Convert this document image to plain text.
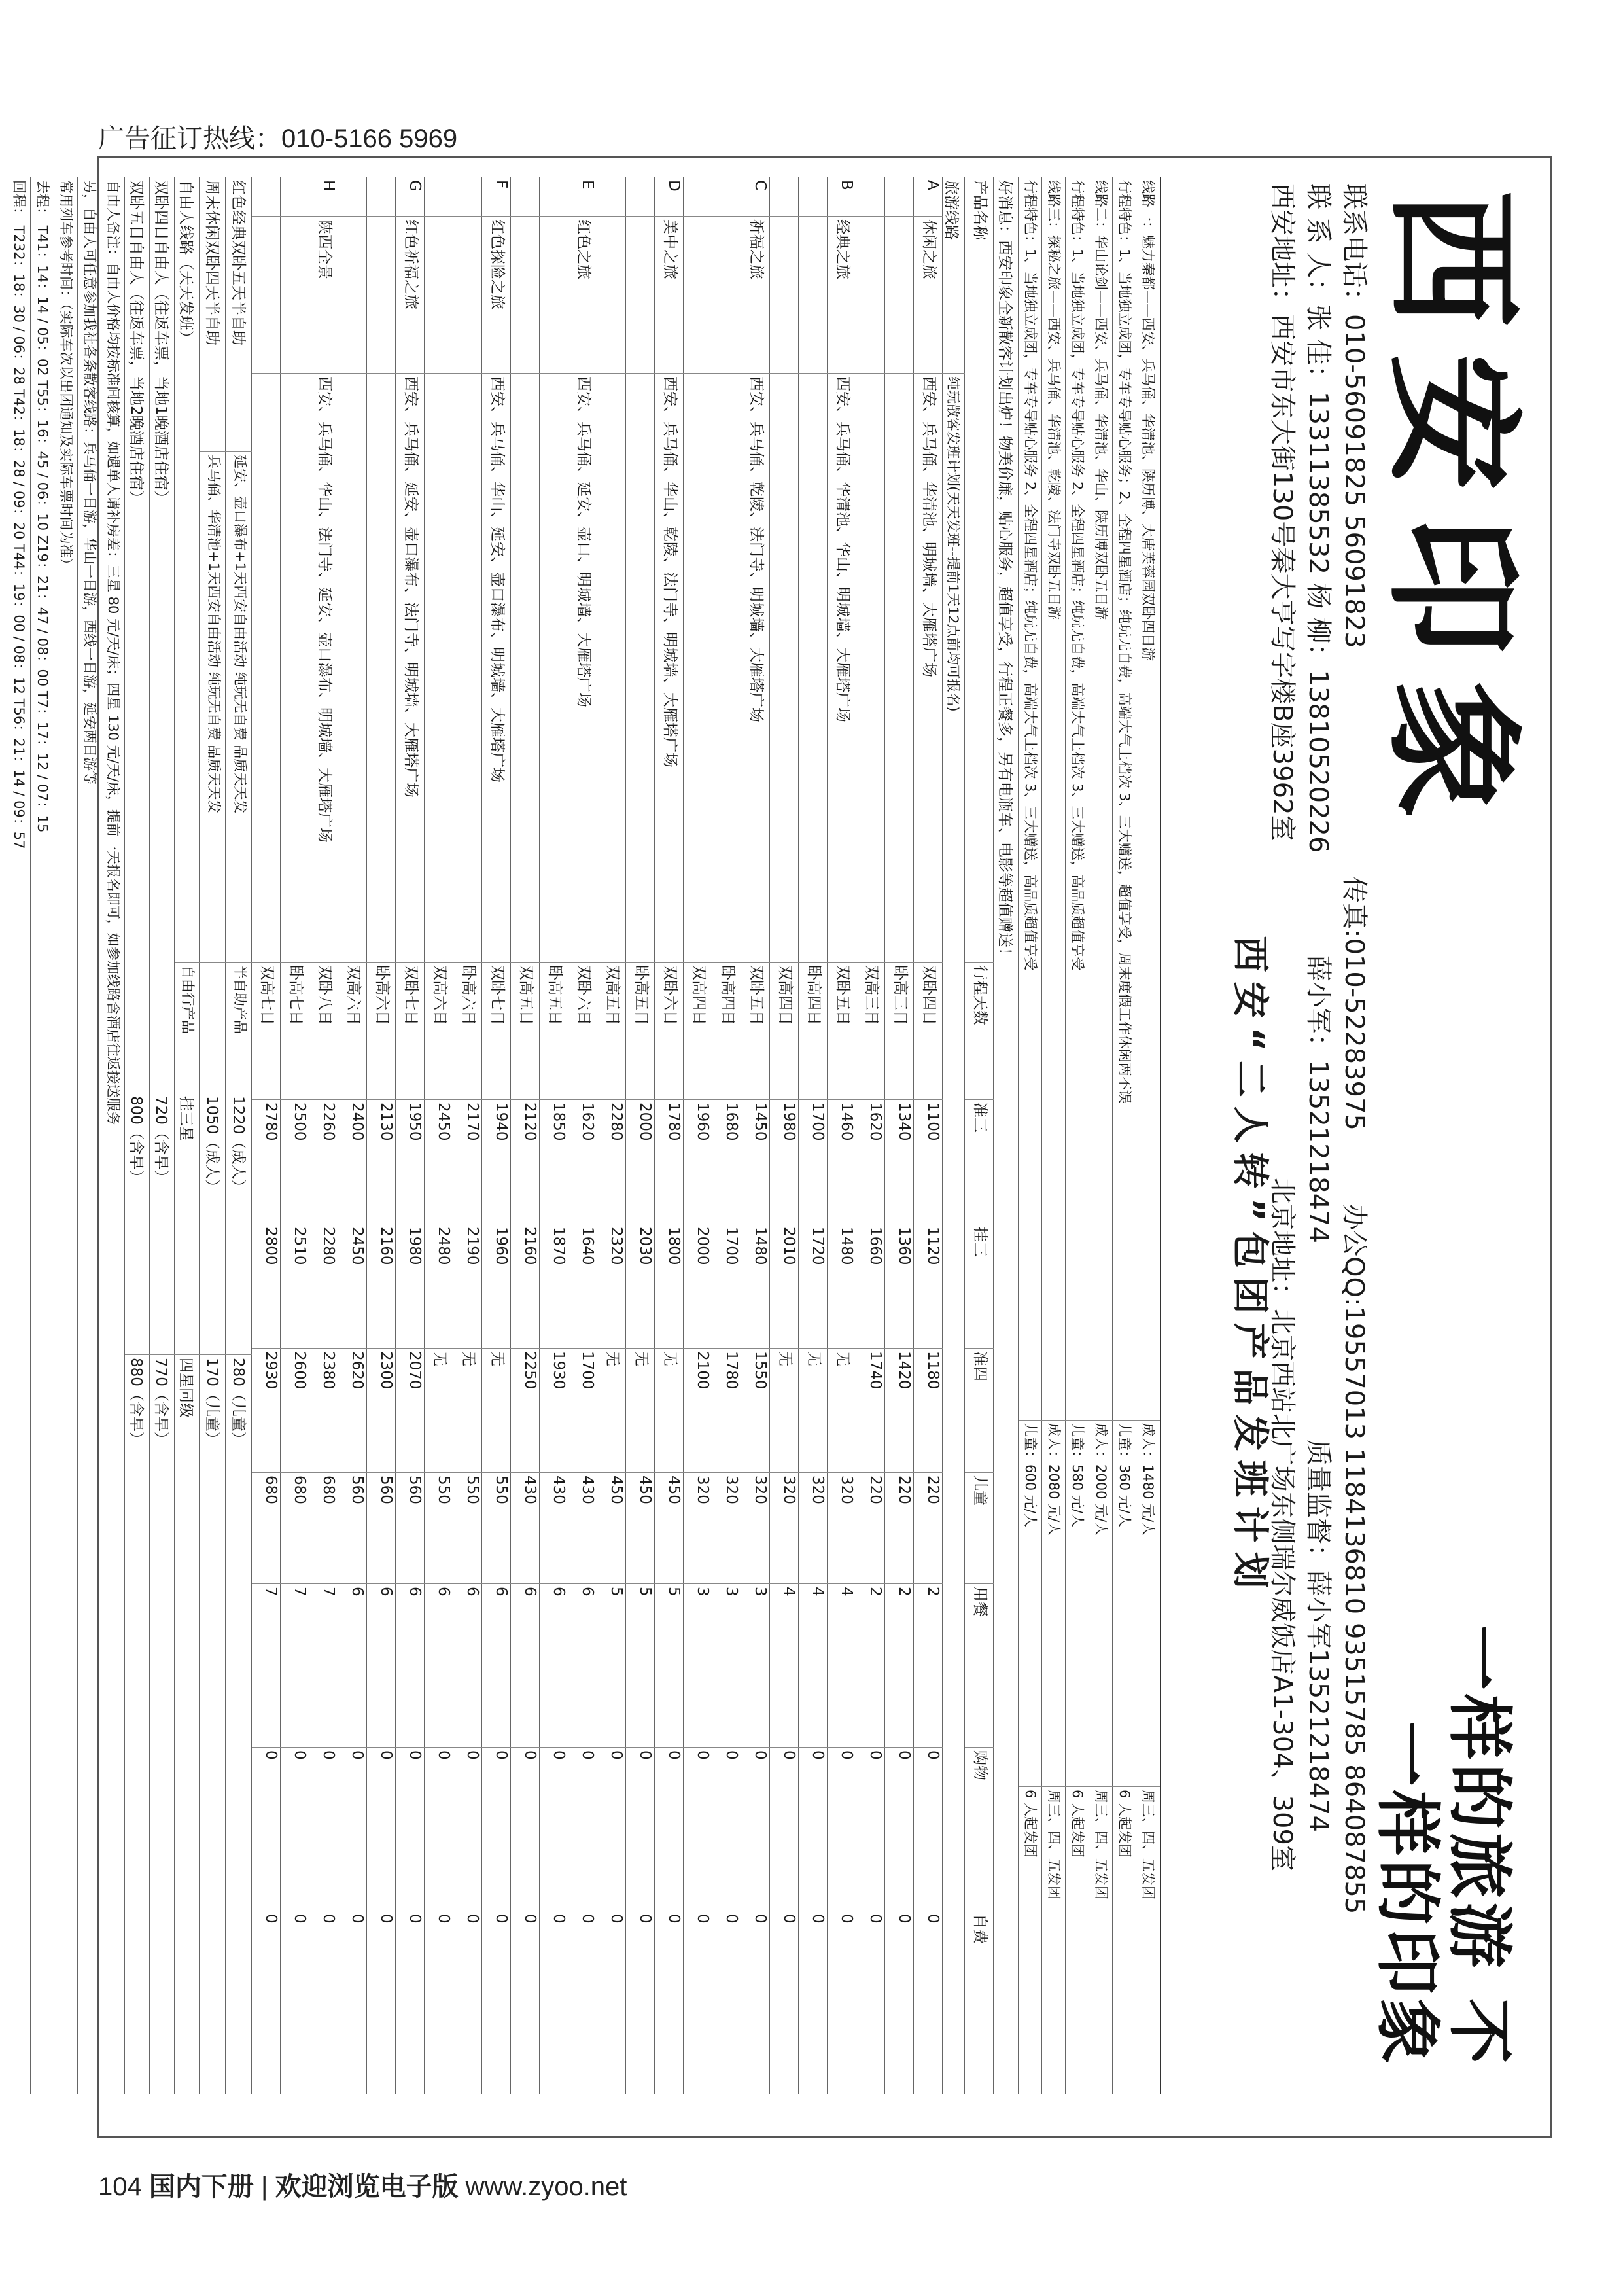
广告征订热线：010-5166 5969
西安印象
一样的旅游 不一样的印象
联系电话：010-56091825 56091823
传真:010-52283975
办公QQ:19557013 1184136810 93515785 864087855
联 系 人：张 佳：13311385532 杨 柳：13810520226
薛小军：13521218474
质量监督：薛小军13521218474
西安地址：西安市东大街130号秦大亨写字楼B座3962室
北京地址：北京西站北广场东侧瑞尔威饭店A1-304、309室
西安“二人转”包团产品发班计划
线路一：魅力秦都——西安、兵马俑、华清池、陕历博、大唐芙蓉园双卧四日游
成人：1480 元/人
周三、四、五发团
行程特色：1、当地独立成团，专车专导贴心服务；2、全程四星酒店；纯玩无自费，高端大气上档次 3、三大赠送，超值享受，周末度假工作休闲两不误
儿童：360 元/人
6 人起发团
线路二：华山论剑——西安、兵马俑、华清池、华山、陕历博双卧五日游
成人：2000 元/人
周三、四、五发团
行程特色：1、当地独立成团，专车专导贴心服务 2、全程四星酒店；纯玩无自费，高端大气上档次 3、三大赠送，高品质超值享受
儿童：580 元/人
6 人起发团
线路三：探秘之旅——西安、兵马俑、华清池、乾陵、法门寺双卧五日游
成人：2080 元/人
周三、四、五发团
行程特色：1、当地独立成团，专车专导贴心服务 2、全程四星酒店；纯玩无自费，高端大气上档次 3、三大赠送，高品质超值享受
儿童：600 元/人
6 人起发团
好消息：西安印象全新散客计划出炉！物美价廉，贴心服务，超值享受，行程正餐多，另有电瓶车、电影等超值赠送！
产品名称
行程天数
准三
挂三
准四
儿童
用餐
购物
自费
旅游线路
纯玩散客发班计划(天天发班--提前1天12点前均可报名)
A
休闲之旅
西安、兵马俑、华清池、明城墙、大雁塔广场
双卧四日
1100
1120
1180
220
2
0
0
卧高三日
1340
1360
1420
220
2
0
0
双高三日
1620
1660
1740
220
2
0
0
B
经典之旅
西安、兵马俑、华清池、华山、明城墙、大雁塔广场
双卧五日
1460
1480
无
320
4
0
0
卧高四日
1700
1720
无
320
4
0
0
双高四日
1980
2010
无
320
4
0
0
C
祈福之旅
西安、兵马俑、乾陵、法门寺、明城墙、大雁塔广场
双卧五日
1450
1480
1550
320
3
0
0
卧高四日
1680
1700
1780
320
3
0
0
双高四日
1960
2000
2100
320
3
0
0
D
美中之旅
西安、兵马俑、华山、乾陵、法门寺、明城墙、大雁塔广场
双卧六日
1780
1800
无
450
5
0
0
卧高五日
2000
2030
无
450
5
0
0
双高五日
2280
2320
无
450
5
0
0
E
红色之旅
西安、兵马俑、延安、壶口、明城墙、大雁塔广场
双卧六日
1620
1640
1700
430
6
0
0
卧高五日
1850
1870
1930
430
6
0
0
双高五日
2120
2160
2250
430
6
0
0
F
红色探险之旅
西安、兵马俑、华山、延安、壶口瀑布、明城墙、大雁塔广场
双卧七日
1940
1960
无
550
6
0
0
卧高六日
2170
2190
无
550
6
0
0
双高六日
2450
2480
无
550
6
0
0
G
红色祈福之旅
西安、兵马俑、延安、壶口瀑布、法门寺、明城墙、大雁塔广场
双卧七日
1950
1980
2070
560
6
0
0
卧高六日
2130
2160
2300
560
6
0
0
双高六日
2400
2450
2620
560
6
0
0
H
陕西全景
西安、兵马俑、华山、法门寺、延安、壶口瀑布、明城墙、大雁塔广场
双卧八日
2260
2280
2380
680
7
0
0
卧高七日
2500
2510
2600
680
7
0
0
双高七日
2780
2800
2930
680
7
0
0
红色经典双卧五天半自助
延安、壶口瀑布+1天西安自由活动 纯玩无自费 品质天天发
半自助产品
1220（成人）
280（儿童）
周末休闲双卧四天半自助
兵马俑、华清池+1天西安自由活动 纯玩无自费 品质天天发
1050（成人）
170（儿童）
自由人线路（天天发班）
自由行产品
挂三星
四星同级
双卧四日自由人（往返车票，当地1晚酒店住宿）
720（含早）
770（含早）
双卧五日自由人（往返车票，当地2晚酒店住宿）
800（含早）
880（含早）
自由人备注：自由人价格均按标准间核算，如遇单人请补房差：三星 80 元/天/床；四星 130 元/天/床，提前一天报名即可，如参加线路含酒店往返接送服务
另，自由人可任意参加我社各条散客线路：兵马俑一日游，华山一日游，西线一日游，延安两日游等
常用列车参考时间：（实际车次以出团通知及实际车票时间为准）
去程： T41：14：14 / 05：02 T55：16：45 / 06：10 Z19：21：47 / 08：00 T7：17：12 / 07：15
回程： T232：18：30 / 06：28 T42：18：28 / 09：20 T44：19：00 / 08：12 T56：21：14 / 09：57
104 国内下册 | 欢迎浏览电子版 www.zyoo.net
